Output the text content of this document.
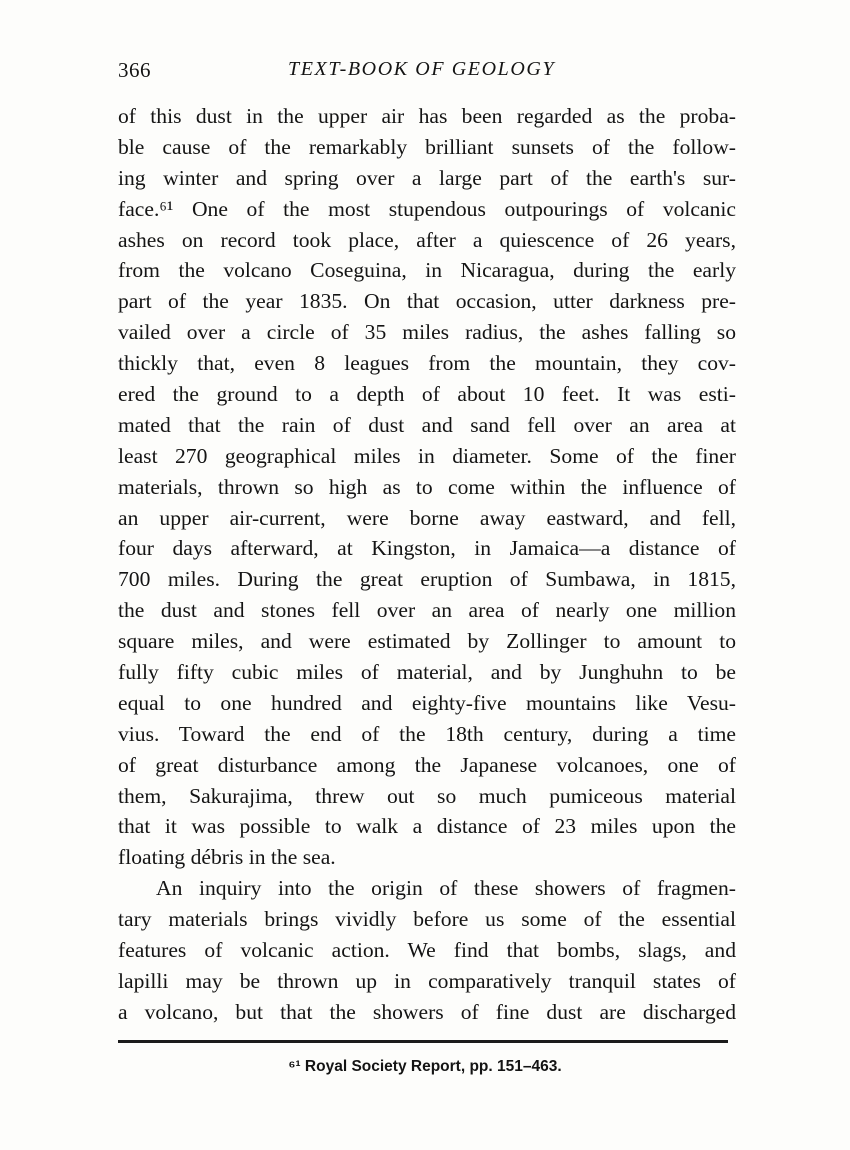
366	TEXT-BOOK OF GEOLOGY
of this dust in the upper air has been regarded as the proba-
ble cause of the remarkably brilliant sunsets of the follow-
ing winter and spring over a large part of the earth's sur-
face.⁶¹ One of the most stupendous outpourings of volcanic
ashes on record took place, after a quiescence of 26 years,
from the volcano Coseguina, in Nicaragua, during the early
part of the year 1835. On that occasion, utter darkness pre-
vailed over a circle of 35 miles radius, the ashes falling so
thickly that, even 8 leagues from the mountain, they cov-
ered the ground to a depth of about 10 feet. It was esti-
mated that the rain of dust and sand fell over an area at
least 270 geographical miles in diameter. Some of the finer
materials, thrown so high as to come within the influence of
an upper air-current, were borne away eastward, and fell,
four days afterward, at Kingston, in Jamaica—a distance of
700 miles. During the great eruption of Sumbawa, in 1815,
the dust and stones fell over an area of nearly one million
square miles, and were estimated by Zollinger to amount to
fully fifty cubic miles of material, and by Junghuhn to be
equal to one hundred and eighty-five mountains like Vesu-
vius. Toward the end of the 18th century, during a time
of great disturbance among the Japanese volcanoes, one of
them, Sakurajima, threw out so much pumiceous material
that it was possible to walk a distance of 23 miles upon the
floating débris in the sea.
An inquiry into the origin of these showers of fragmen-
tary materials brings vividly before us some of the essential
features of volcanic action. We find that bombs, slags, and
lapilli may be thrown up in comparatively tranquil states of
a volcano, but that the showers of fine dust are discharged
⁶¹ Royal Society Report, pp. 151–463.
